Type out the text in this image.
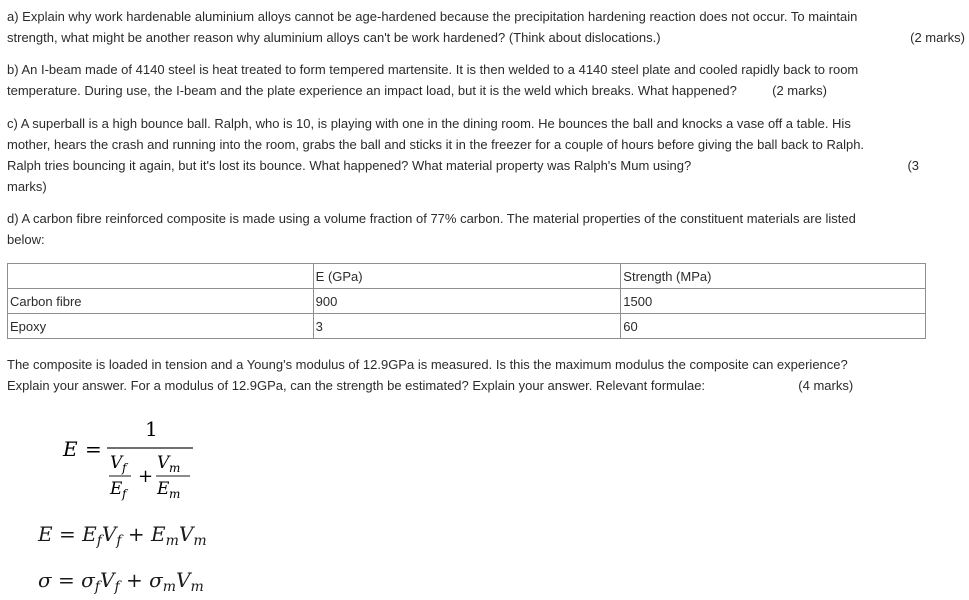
a) Explain why work hardenable aluminium alloys cannot be age-hardened because the precipitation hardening reaction does not occur. To maintain
strength, what might be another reason why aluminium alloys can't be work hardened? (Think about dislocations.)	(2 marks)
b) An I-beam made of 4140 steel is heat treated to form tempered martensite. It is then welded to a 4140 steel plate and cooled rapidly back to room
temperature. During use, the I-beam and the plate experience an impact load, but it is the weld which breaks. What happened?	(2 marks)
c) A superball is a high bounce ball. Ralph, who is 10, is playing with one in the dining room. He bounces the ball and knocks a vase off a table. His
mother, hears the crash and running into the room, grabs the ball and sticks it in the freezer for a couple of hours before giving the ball back to Ralph.
Ralph tries bouncing it again, but it's lost its bounce. What happened? What material property was Ralph's Mum using?	(3
marks)
d) A carbon fibre reinforced composite is made using a volume fraction of 77% carbon. The material properties of the constituent materials are listed
below:
	E (GPa)	Strength (MPa)
Carbon fibre	900	1500
Epoxy	3	60
The composite is loaded in tension and a Young's modulus of 12.9GPa is measured. Is this the maximum modulus the composite can experience?
Explain your answer. For a modulus of 12.9GPa, can the strength be estimated? Explain your answer. Relevant formulae:	(4 marks)
E =
1
V f
E f
+
V m
E m
$E = E_fV_f + E_mV_m$
$\sigma = \sigma_fV_f + \sigma_mV_m$
